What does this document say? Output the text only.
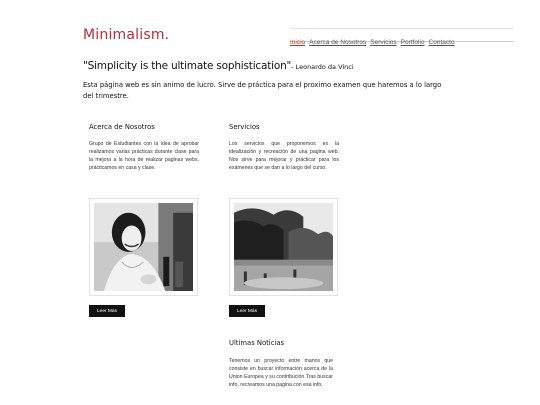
Minimalism.	Inicio Acerca de Nosotros Servicios Portfolio Contacto
"Simplicity is the ultimate sophistication"- Leonardo da Vinci

Esta página web es sin animo de lucro. Sirve de práctica para el proximo examen que haremos a lo largo del trimestre.

Acerca de Nosotros

Grupo de Estudiantes con la idea de aprobar realizamos varias prácticas durante clase para la mejora a la hora de realizar paginas webs, prácticamos en casa y clase.

Servicios

Los servicios que proponemos es la idealización y recreación de una pagina web. Nos sirve para mejorar y prácticar para los exámenes que se dan a lo largo del curso.

Leer Más	Leer Más
Ultimas Noticias

Tenemos un proyecto entre manos que consiste en buscar información acerca de la Union Europea y su contribución.Tras buscar info, recreamos una pagina con esa info.
